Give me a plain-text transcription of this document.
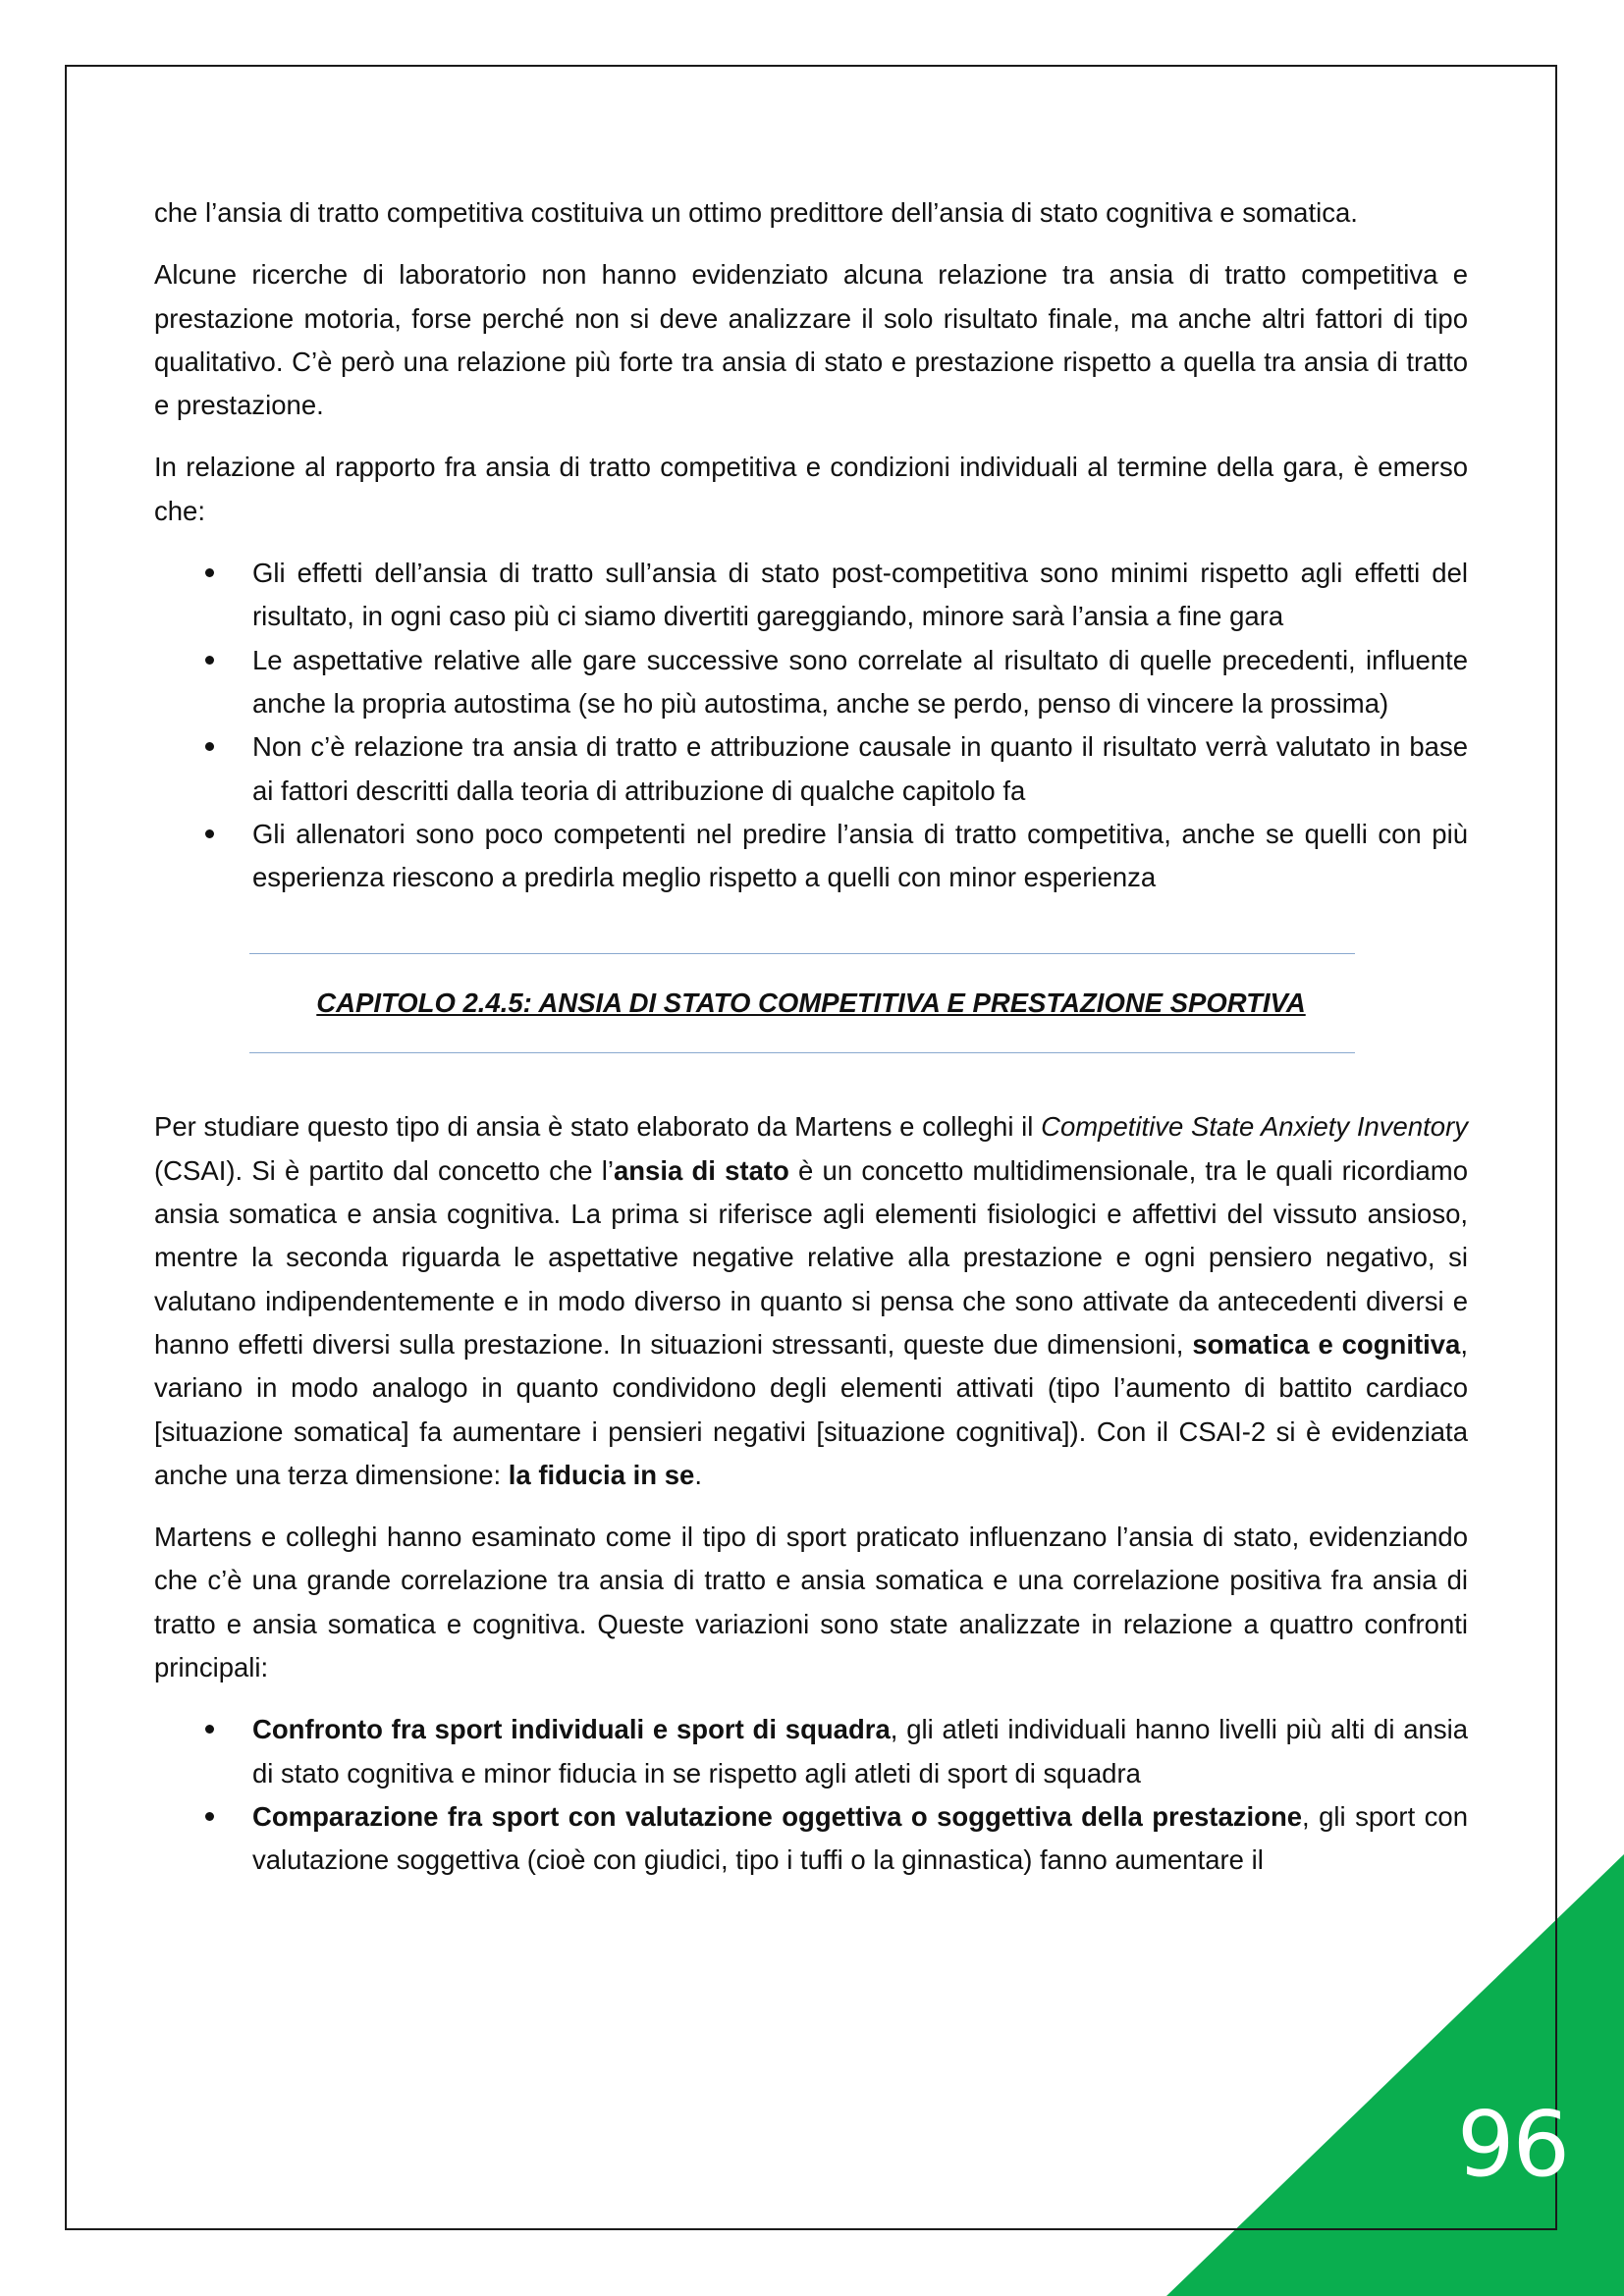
che l’ansia di tratto competitiva costituiva un ottimo predittore dell’ansia di stato cognitiva e somatica.

Alcune ricerche di laboratorio non hanno evidenziato alcuna relazione tra ansia di tratto competitiva e prestazione motoria, forse perché non si deve analizzare il solo risultato finale, ma anche altri fattori di tipo qualitativo. C’è però una relazione più forte tra ansia di stato e prestazione rispetto a quella tra ansia di tratto e prestazione.

In relazione al rapporto fra ansia di tratto competitiva e condizioni individuali al termine della gara, è emerso che:

Gli effetti dell’ansia di tratto sull’ansia di stato post-competitiva sono minimi rispetto agli effetti del risultato, in ogni caso più ci siamo divertiti gareggiando, minore sarà l’ansia a fine gara
Le aspettative relative alle gare successive sono correlate al risultato di quelle precedenti, influente anche la propria autostima (se ho più autostima, anche se perdo, penso di vincere la prossima)
Non c’è relazione tra ansia di tratto e attribuzione causale in quanto il risultato verrà valutato in base ai fattori descritti dalla teoria di attribuzione di qualche capitolo fa
Gli allenatori sono poco competenti nel predire l’ansia di tratto competitiva, anche se quelli con più esperienza riescono a predirla meglio rispetto a quelli con minor esperienza
CAPITOLO 2.4.5: ANSIA DI STATO COMPETITIVA E PRESTAZIONE SPORTIVA

Per studiare questo tipo di ansia è stato elaborato da Martens e colleghi il Competitive State Anxiety Inventory (CSAI). Si è partito dal concetto che l’ansia di stato è un concetto multidimensionale, tra le quali ricordiamo ansia somatica e ansia cognitiva. La prima si riferisce agli elementi fisiologici e affettivi del vissuto ansioso, mentre la seconda riguarda le aspettative negative relative alla prestazione e ogni pensiero negativo, si valutano indipendentemente e in modo diverso in quanto si pensa che sono attivate da antecedenti diversi e hanno effetti diversi sulla prestazione. In situazioni stressanti, queste due dimensioni, somatica e cognitiva, variano in modo analogo in quanto condividono degli elementi attivati (tipo l’aumento di battito cardiaco [situazione somatica] fa aumentare i pensieri negativi [situazione cognitiva]). Con il CSAI-2 si è evidenziata anche una terza dimensione: la fiducia in se.

Martens e colleghi hanno esaminato come il tipo di sport praticato influenzano l’ansia di stato, evidenziando che c’è una grande correlazione tra ansia di tratto e ansia somatica e una correlazione positiva fra ansia di tratto e ansia somatica e cognitiva. Queste variazioni sono state analizzate in relazione a quattro confronti principali:

Confronto fra sport individuali e sport di squadra, gli atleti individuali hanno livelli più alti di ansia di stato cognitiva e minor fiducia in se rispetto agli atleti di sport di squadra
Comparazione fra sport con valutazione oggettiva o soggettiva della prestazione, gli sport con valutazione soggettiva (cioè con giudici, tipo i tuffi o la ginnastica) fanno aumentare il
96
